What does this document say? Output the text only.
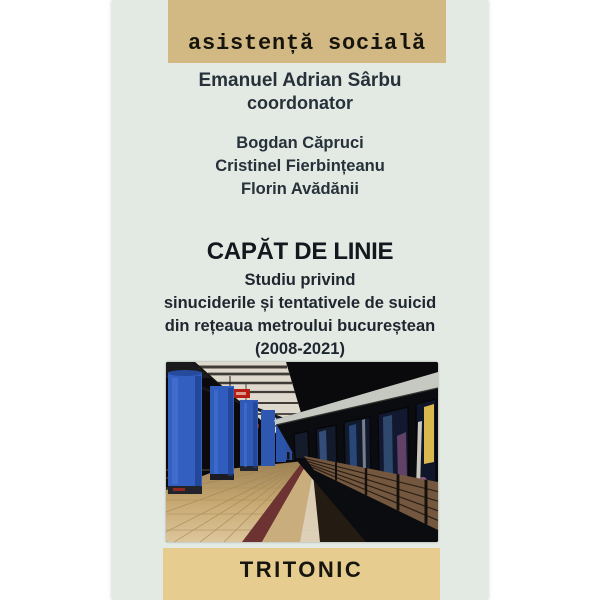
asistență socială
Emanuel Adrian Sârbu
coordonator
Bogdan Căpruci
Cristinel Fierbințeanu
Florin Avădănii
CAPĂT DE LINIE
Studiu privind
sinuciderile și tentativele de suicid
din rețeaua metroului bucureștean
(2008-2021)
TRITONIC
